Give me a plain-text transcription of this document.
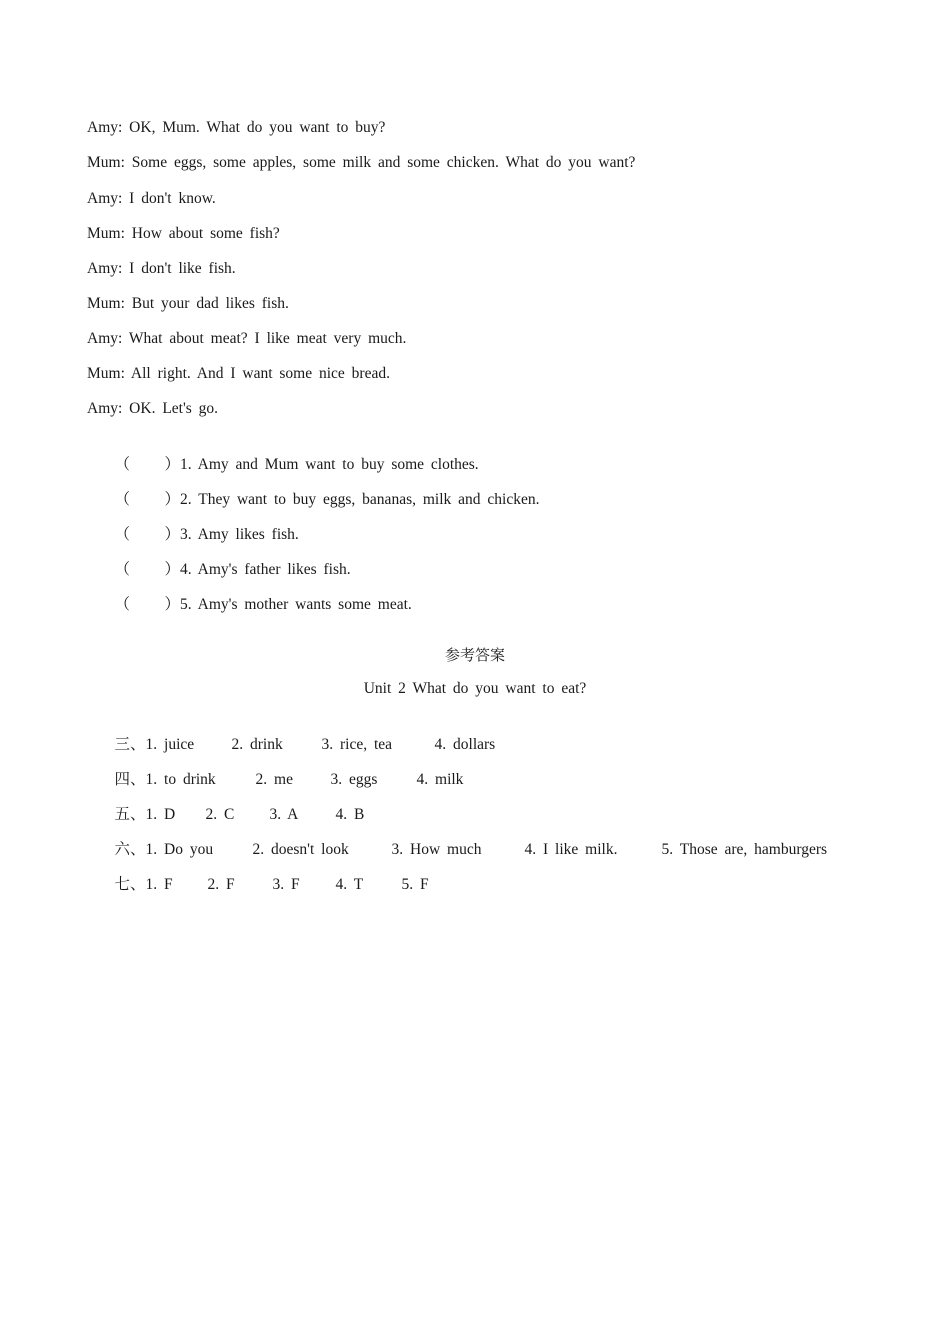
Amy: OK, Mum. What do you want to buy?
Mum: Some eggs, some apples, some milk and some chicken. What do you want?
Amy: I don't know.
Mum: How about some fish?
Amy: I don't like fish.
Mum: But your dad likes fish.
Amy: What about meat? I like meat very much.
Mum: All right. And I want some nice bread.
Amy: OK. Let's go.

（ ）1. Amy and Mum want to buy some clothes.

（ ）2. They want to buy eggs, bananas, milk and chicken.

（ ）3. Amy likes fish.

（ ）4. Amy's father likes fish.

（ ）5. Amy's mother wants some meat.

参考答案
Unit 2 What do you want to eat?

三、1. juice 2. drink	3. rice, tea	4. dollars

四、1. to drink	2. me 3. eggs	4. milk

五、1. D 2. C 3. A 4. B

六、1. Do you	2. doesn't look	3. How much	4. I like milk.	5. Those are, hamburgers

七、1. F 2. F 3. F 4. T 5. F
